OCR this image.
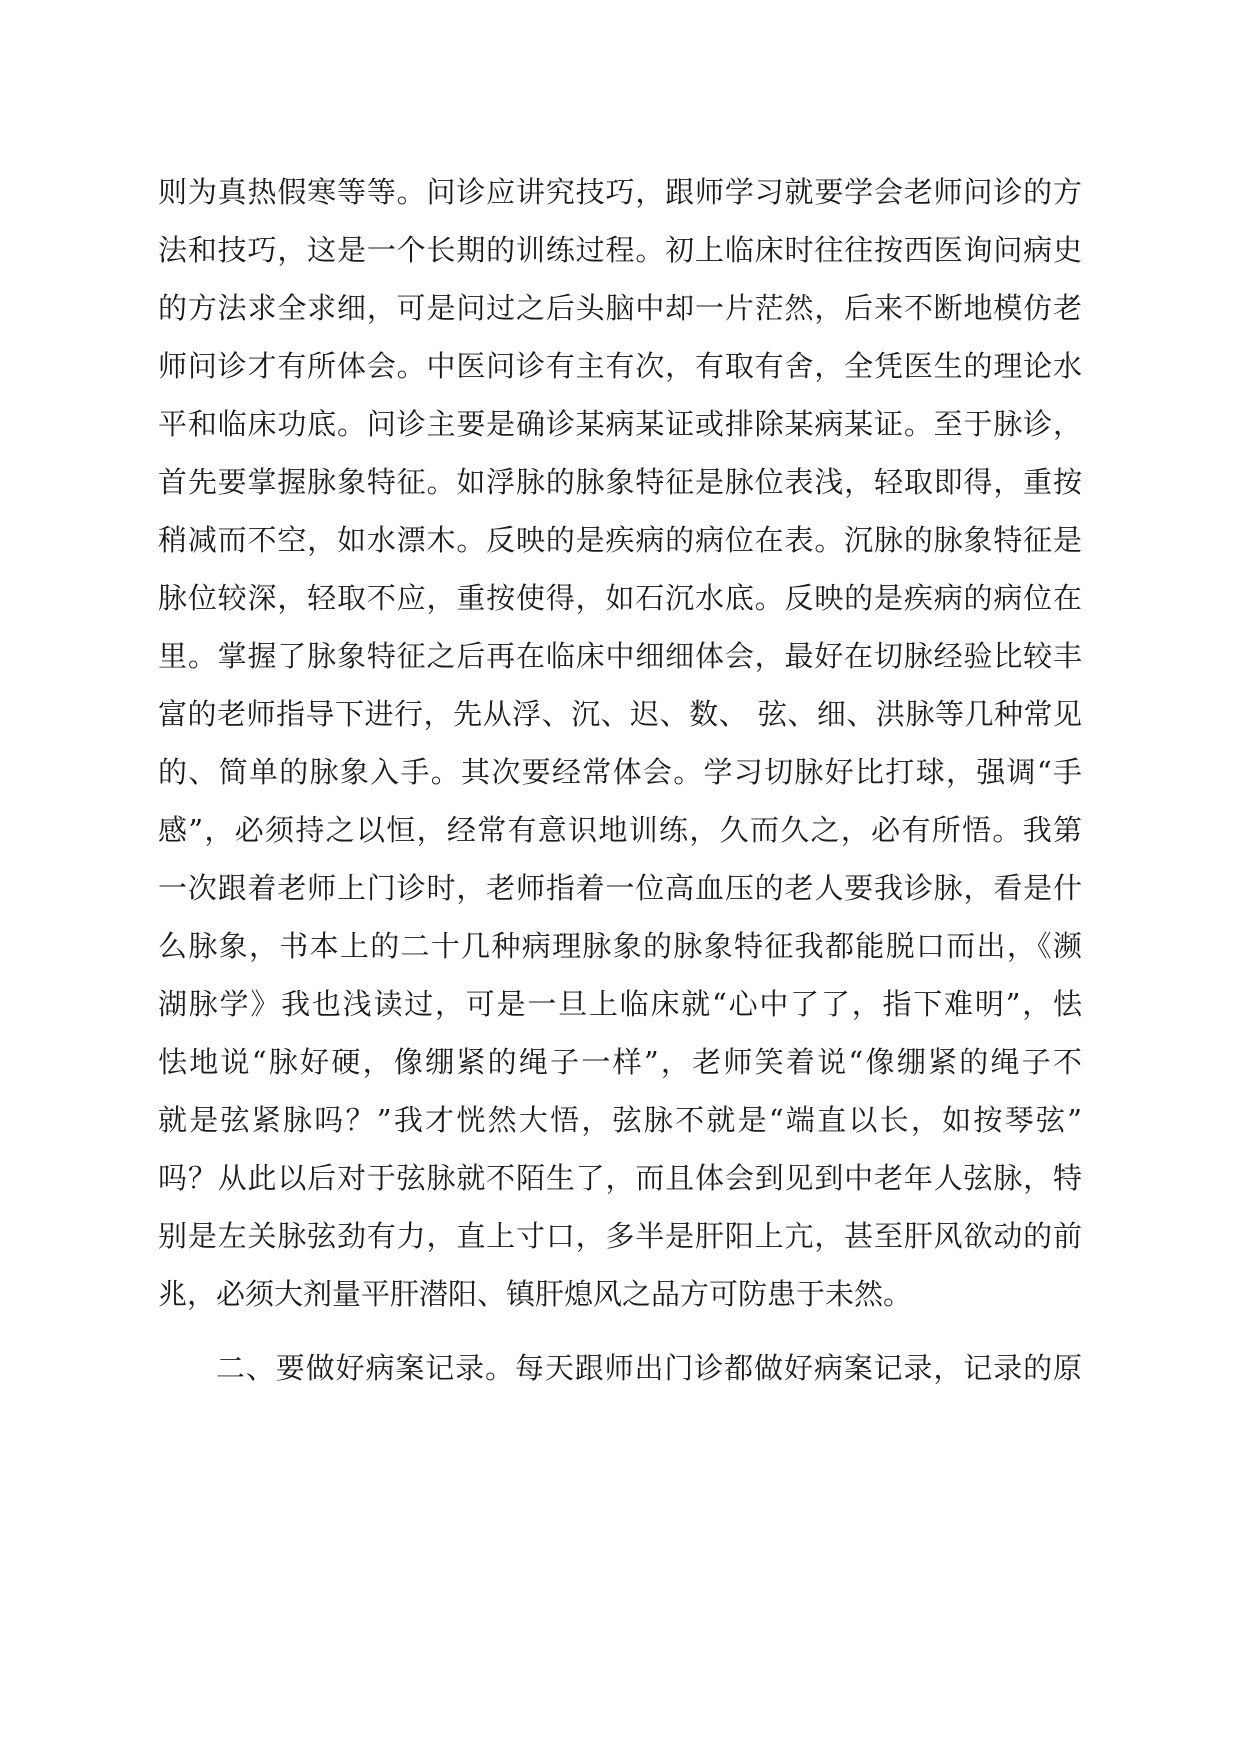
则为真热假寒等等。问诊应讲究技巧，跟师学习就要学会老师问诊的方
法和技巧，这是一个长期的训练过程。初上临床时往往按西医询问病史
的方法求全求细，可是问过之后头脑中却一片茫然，后来不断地模仿老
师问诊才有所体会。中医问诊有主有次，有取有舍，全凭医生的理论水
平和临床功底。问诊主要是确诊某病某证或排除某病某证。至于脉诊，
首先要掌握脉象特征。如浮脉的脉象特征是脉位表浅，轻取即得，重按
稍减而不空，如水漂木。反映的是疾病的病位在表。沉脉的脉象特征是
脉位较深，轻取不应，重按使得，如石沉水底。反映的是疾病的病位在
里。掌握了脉象特征之后再在临床中细细体会，最好在切脉经验比较丰
富的老师指导下进行，先从浮、沉、迟、数、 弦、细、洪脉等几种常见
的、简单的脉象入手。其次要经常体会。学习切脉好比打球，强调“手
感”，必须持之以恒，经常有意识地训练，久而久之，必有所悟。我第
一次跟着老师上门诊时，老师指着一位高血压的老人要我诊脉，看是什
么脉象，书本上的二十几种病理脉象的脉象特征我都能脱口而出，《濒
湖脉学》我也浅读过，可是一旦上临床就“心中了了，指下难明”，怯
怯地说“脉好硬，像绷紧的绳子一样”，老师笑着说“像绷紧的绳子不
就是弦紧脉吗？”我才恍然大悟，弦脉不就是“端直以长，如按琴弦”
吗？从此以后对于弦脉就不陌生了，而且体会到见到中老年人弦脉，特
别是左关脉弦劲有力，直上寸口，多半是肝阳上亢，甚至肝风欲动的前
兆，必须大剂量平肝潜阳、镇肝熄风之品方可防患于未然。
二、要做好病案记录。每天跟师出门诊都做好病案记录，记录的原
